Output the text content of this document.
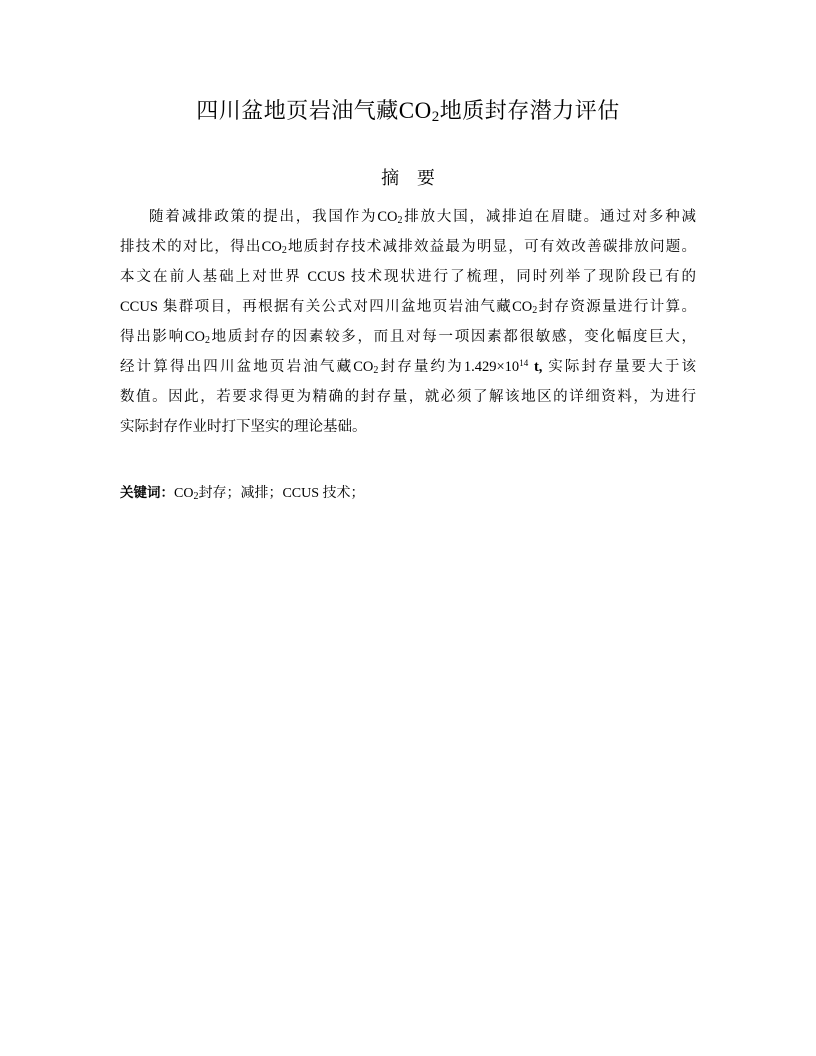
四川盆地页岩油气藏$CO_2$地质封存潜力评估
摘 要
随着减排政策的提出，我国作为$CO_2$排放大国，减排迫在眉睫。通过对多种减
排技术的对比，得出$CO_2$地质封存技术减排效益最为明显，可有效改善碳排放问题。
本文在前人基础上对世界 CCUS 技术现状进行了梳理，同时列举了现阶段已有的
CCUS 集群项目，再根据有关公式对四川盆地页岩油气藏$CO_2$封存资源量进行计算。
得出影响$CO_2$地质封存的因素较多，而且对每一项因素都很敏感，变化幅度巨大，
经计算得出四川盆地页岩油气藏$CO_2$封存量约为$1.429\times 10^{14}$ t, 实际封存量要大于该
数值。因此，若要求得更为精确的封存量，就必须了解该地区的详细资料，为进行
实际封存作业时打下坚实的理论基础。
关键词：$CO_2$封存；减排；CCUS 技术；
